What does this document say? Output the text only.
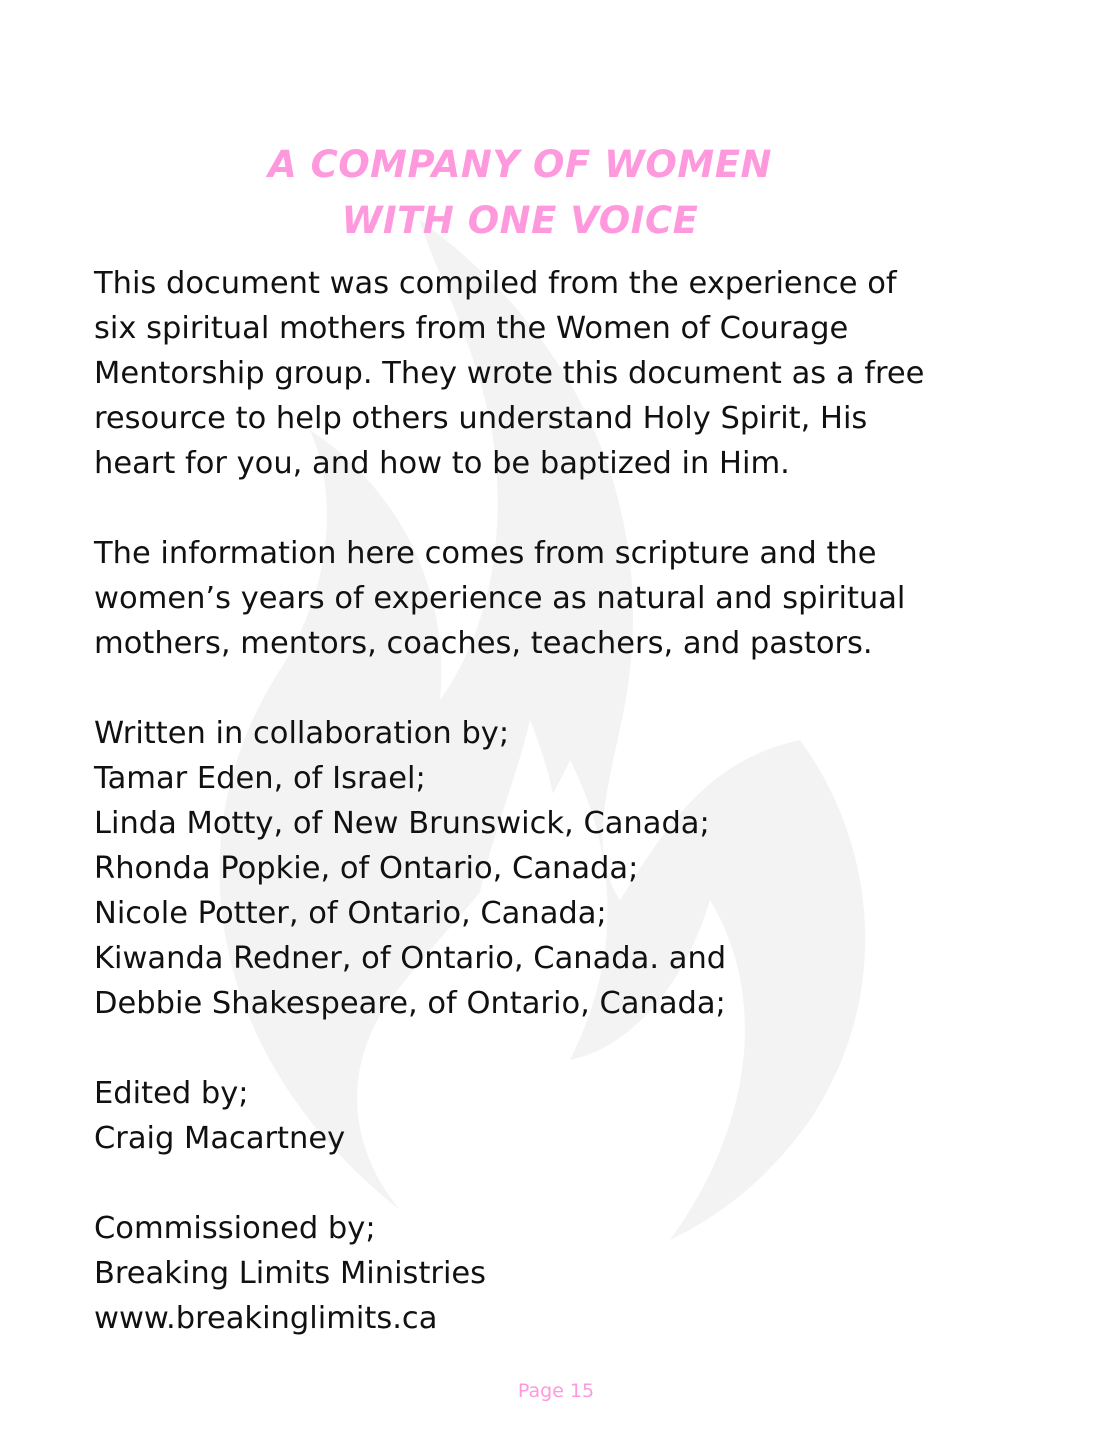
A COMPANY OF WOMEN
WITH ONE VOICE

This document was compiled from the experience of
six spiritual mothers from the Women of Courage
Mentorship group. They wrote this document as a free
resource to help others understand Holy Spirit, His
heart for you, and how to be baptized in Him.

The information here comes from scripture and the
women’s years of experience as natural and spiritual
mothers, mentors, coaches, teachers, and pastors.

Written in collaboration by;
Tamar Eden, of Israel;
Linda Motty, of New Brunswick, Canada;
Rhonda Popkie, of Ontario, Canada;
Nicole Potter, of Ontario, Canada;
Kiwanda Redner, of Ontario, Canada. and
Debbie Shakespeare, of Ontario, Canada;

Edited by;
Craig Macartney

Commissioned by;
Breaking Limits Ministries
www.breakinglimits.ca

Page 15
